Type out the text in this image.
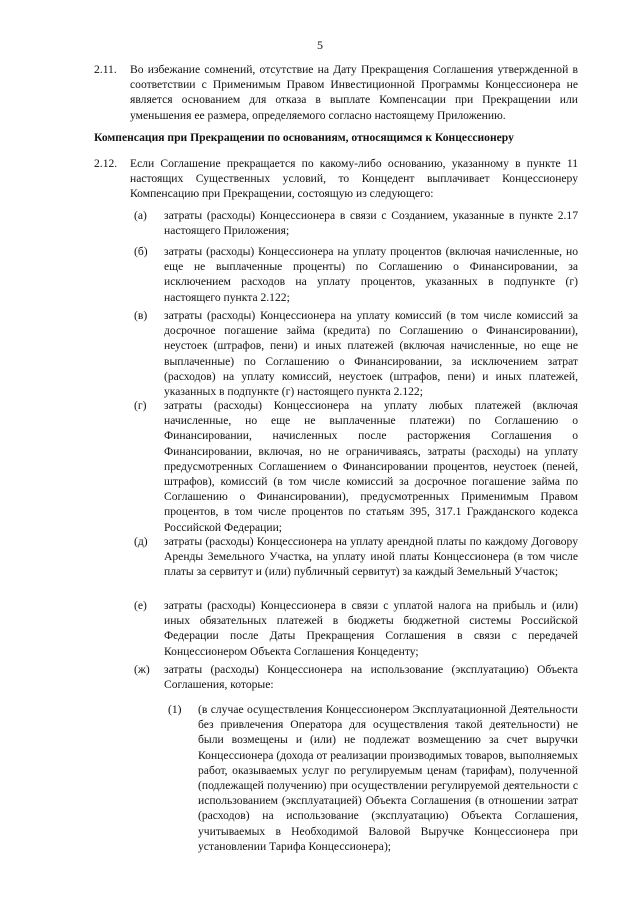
5
2.11. Во избежание сомнений, отсутствие на Дату Прекращения Соглашения утвержденной в соответствии с Применимым Правом Инвестиционной Программы Концессионера не является основанием для отказа в выплате Компенсации при Прекращении или уменьшения ее размера, определяемого согласно настоящему Приложению.
Компенсация при Прекращении по основаниям, относящимся к Концессионеру
2.12. Если Соглашение прекращается по какому-либо основанию, указанному в пункте 11 настоящих Существенных условий, то Концедент выплачивает Концессионеру Компенсацию при Прекращении, состоящую из следующего:
(а) затраты (расходы) Концессионера в связи с Созданием, указанные в пункте 2.17 настоящего Приложения;
(б) затраты (расходы) Концессионера на уплату процентов (включая начисленные, но еще не выплаченные проценты) по Соглашению о Финансировании, за исключением расходов на уплату процентов, указанных в подпункте (г) настоящего пункта 2.122;
(в) затраты (расходы) Концессионера на уплату комиссий (в том числе комиссий за досрочное погашение займа (кредита) по Соглашению о Финансировании), неустоек (штрафов, пени) и иных платежей (включая начисленные, но еще не выплаченные) по Соглашению о Финансировании, за исключением затрат (расходов) на уплату комиссий, неустоек (штрафов, пени) и иных платежей, указанных в подпункте (г) настоящего пункта 2.122;
(г) затраты (расходы) Концессионера на уплату любых платежей (включая начисленные, но еще не выплаченные платежи) по Соглашению о Финансировании, начисленных после расторжения Соглашения о Финансировании, включая, но не ограничиваясь, затраты (расходы) на уплату предусмотренных Соглашением о Финансировании процентов, неустоек (пеней, штрафов), комиссий (в том числе комиссий за досрочное погашение займа по Соглашению о Финансировании), предусмотренных Применимым Правом процентов, в том числе процентов по статьям 395, 317.1 Гражданского кодекса Российской Федерации;
(д) затраты (расходы) Концессионера на уплату арендной платы по каждому Договору Аренды Земельного Участка, на уплату иной платы Концессионера (в том числе платы за сервитут и (или) публичный сервитут) за каждый Земельный Участок;
(е) затраты (расходы) Концессионера в связи с уплатой налога на прибыль и (или) иных обязательных платежей в бюджеты бюджетной системы Российской Федерации после Даты Прекращения Соглашения в связи с передачей Концессионером Объекта Соглашения Концеденту;
(ж) затраты (расходы) Концессионера на использование (эксплуатацию) Объекта Соглашения, которые:
(1) (в случае осуществления Концессионером Эксплуатационной Деятельности без привлечения Оператора для осуществления такой деятельности) не были возмещены и (или) не подлежат возмещению за счет выручки Концессионера (дохода от реализации производимых товаров, выполняемых работ, оказываемых услуг по регулируемым ценам (тарифам), полученной (подлежащей получению) при осуществлении регулируемой деятельности с использованием (эксплуатацией) Объекта Соглашения (в отношении затрат (расходов) на использование (эксплуатацию) Объекта Соглашения, учитываемых в Необходимой Валовой Выручке Концессионера при установлении Тарифа Концессионера);
